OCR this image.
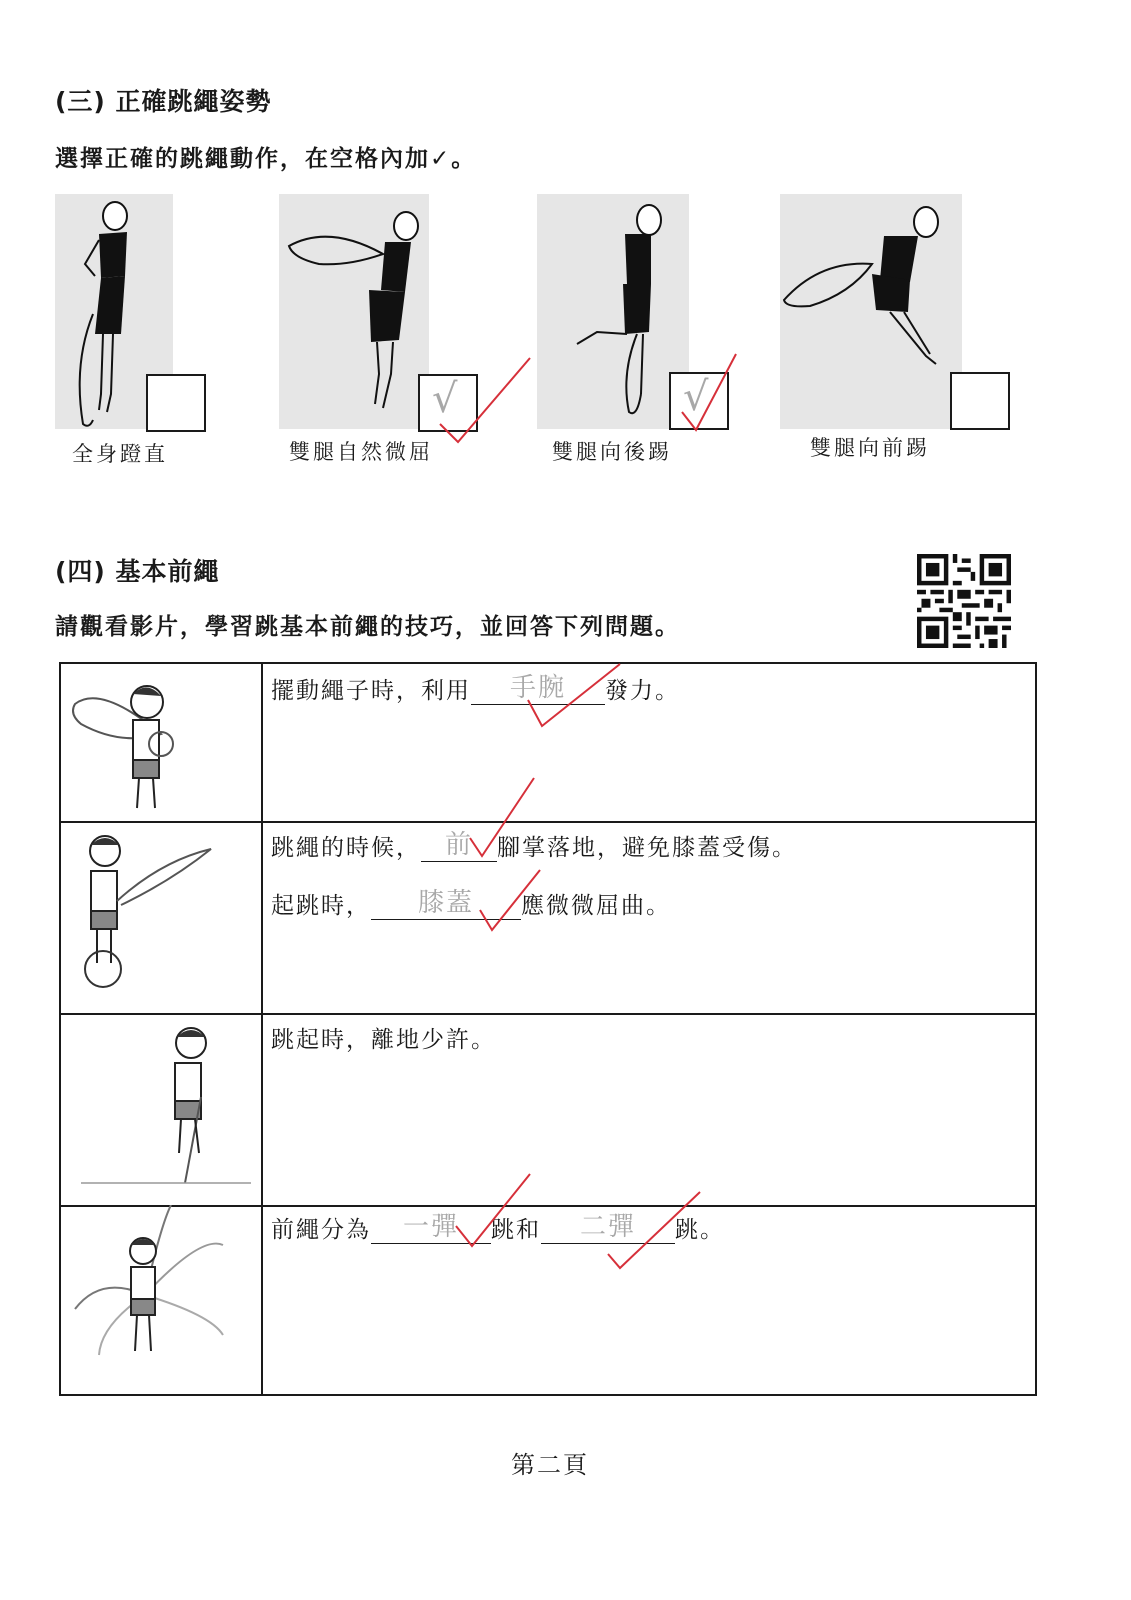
(三) 正確跳繩姿勢
選擇正確的跳繩動作，在空格內加✓。
√	√
全身蹬直	雙腿自然微屈	雙腿向後踢	雙腿向前踢
(四) 基本前繩
請觀看影片，學習跳基本前繩的技巧，並回答下列問題。
擺動繩子時，利用	手腕	發力。
跳繩的時候， 前	腳掌落地，避免膝蓋受傷。
起跳時，	膝蓋	應微微屈曲。
跳起時，離地少許。
前繩分為	一彈	跳和	二彈	跳。
第二頁
